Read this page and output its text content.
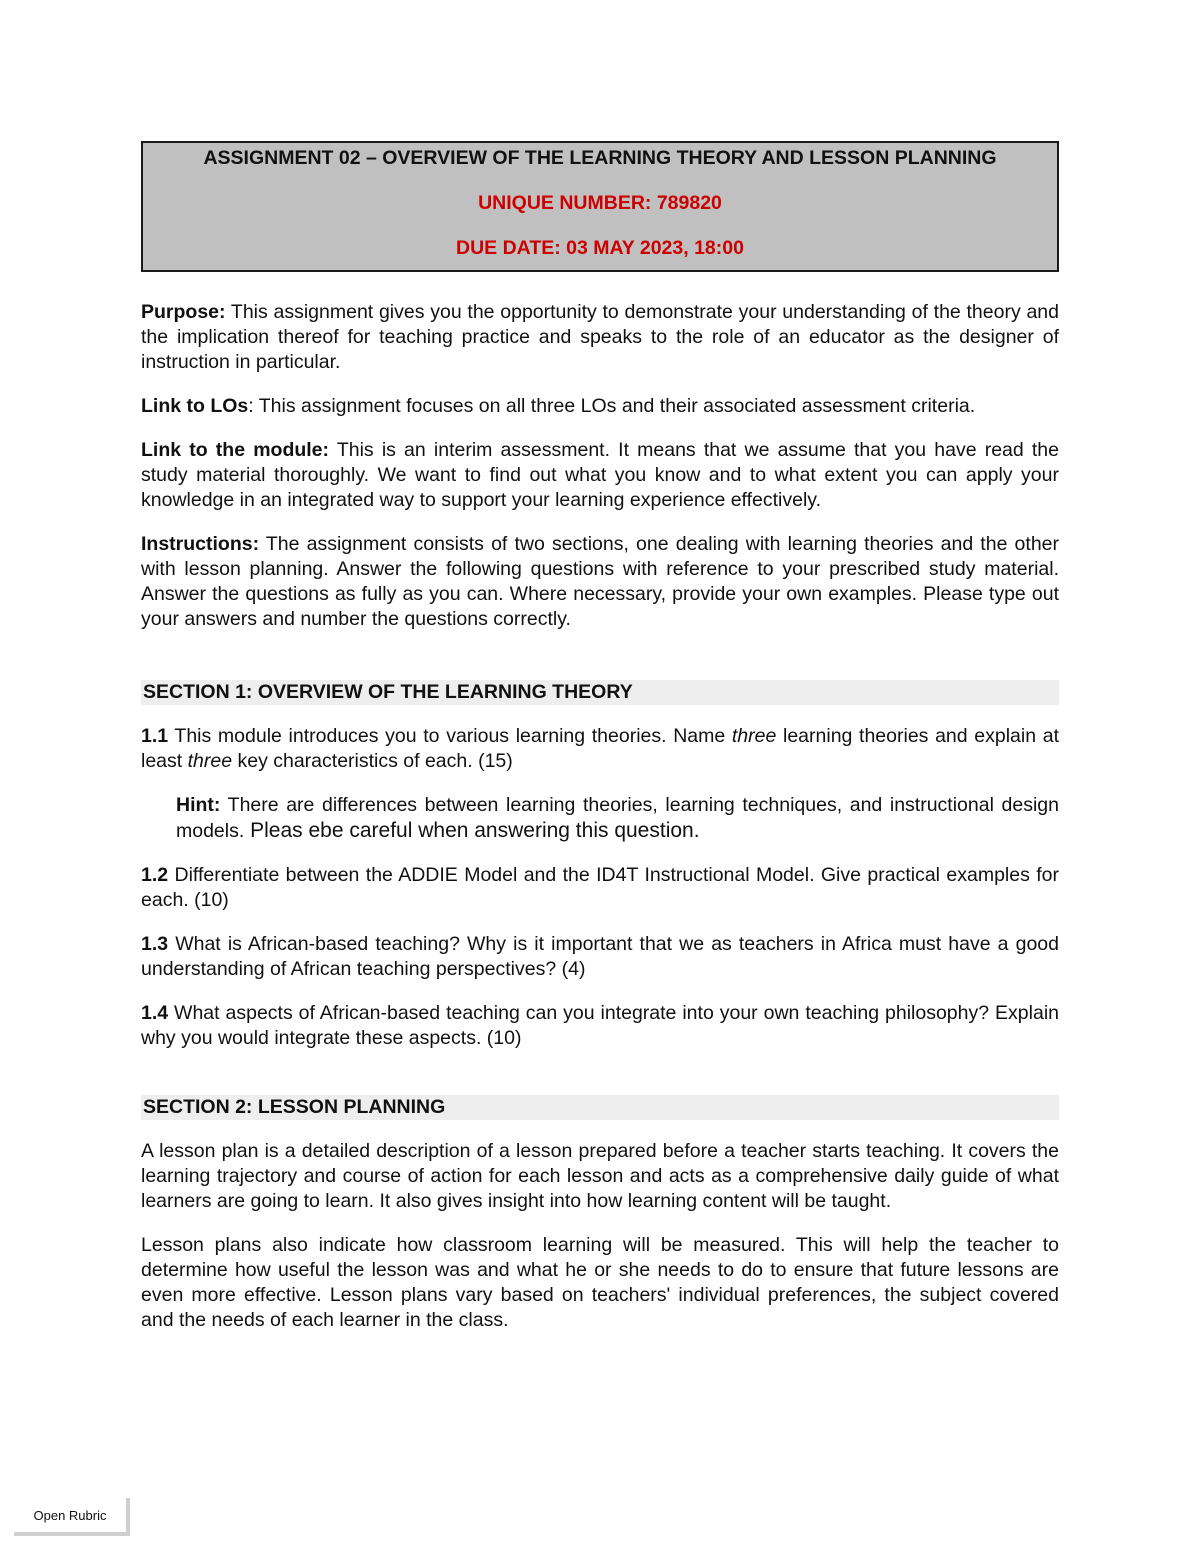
ASSIGNMENT 02 – OVERVIEW OF THE LEARNING THEORY AND LESSON PLANNING
UNIQUE NUMBER: 789820
DUE DATE: 03 MAY 2023, 18:00

Purpose: This assignment gives you the opportunity to demonstrate your understanding of the theory and the implication thereof for teaching practice and speaks to the role of an educator as the designer of instruction in particular.

Link to LOs: This assignment focuses on all three LOs and their associated assessment criteria.

Link to the module: This is an interim assessment. It means that we assume that you have read the study material thoroughly. We want to find out what you know and to what extent you can apply your knowledge in an integrated way to support your learning experience effectively.

Instructions: The assignment consists of two sections, one dealing with learning theories and the other with lesson planning. Answer the following questions with reference to your prescribed study material. Answer the questions as fully as you can. Where necessary, provide your own examples. Please type out your answers and number the questions correctly.

SECTION 1: OVERVIEW OF THE LEARNING THEORY

1.1 This module introduces you to various learning theories. Name three learning theories and explain at least three key characteristics of each. (15)

Hint: There are differences between learning theories, learning techniques, and instructional design models. Pleas ebe careful when answering this question.

1.2 Differentiate between the ADDIE Model and the ID4T Instructional Model. Give practical examples for each. (10)

1.3 What is African-based teaching? Why is it important that we as teachers in Africa must have a good understanding of African teaching perspectives? (4)

1.4 What aspects of African-based teaching can you integrate into your own teaching philosophy? Explain why you would integrate these aspects. (10)

SECTION 2: LESSON PLANNING

A lesson plan is a detailed description of a lesson prepared before a teacher starts teaching. It covers the learning trajectory and course of action for each lesson and acts as a comprehensive daily guide of what learners are going to learn. It also gives insight into how learning content will be taught.

Lesson plans also indicate how classroom learning will be measured. This will help the teacher to determine how useful the lesson was and what he or she needs to do to ensure that future lessons are even more effective. Lesson plans vary based on teachers' individual preferences, the subject covered and the needs of each learner in the class.

Open Rubric
